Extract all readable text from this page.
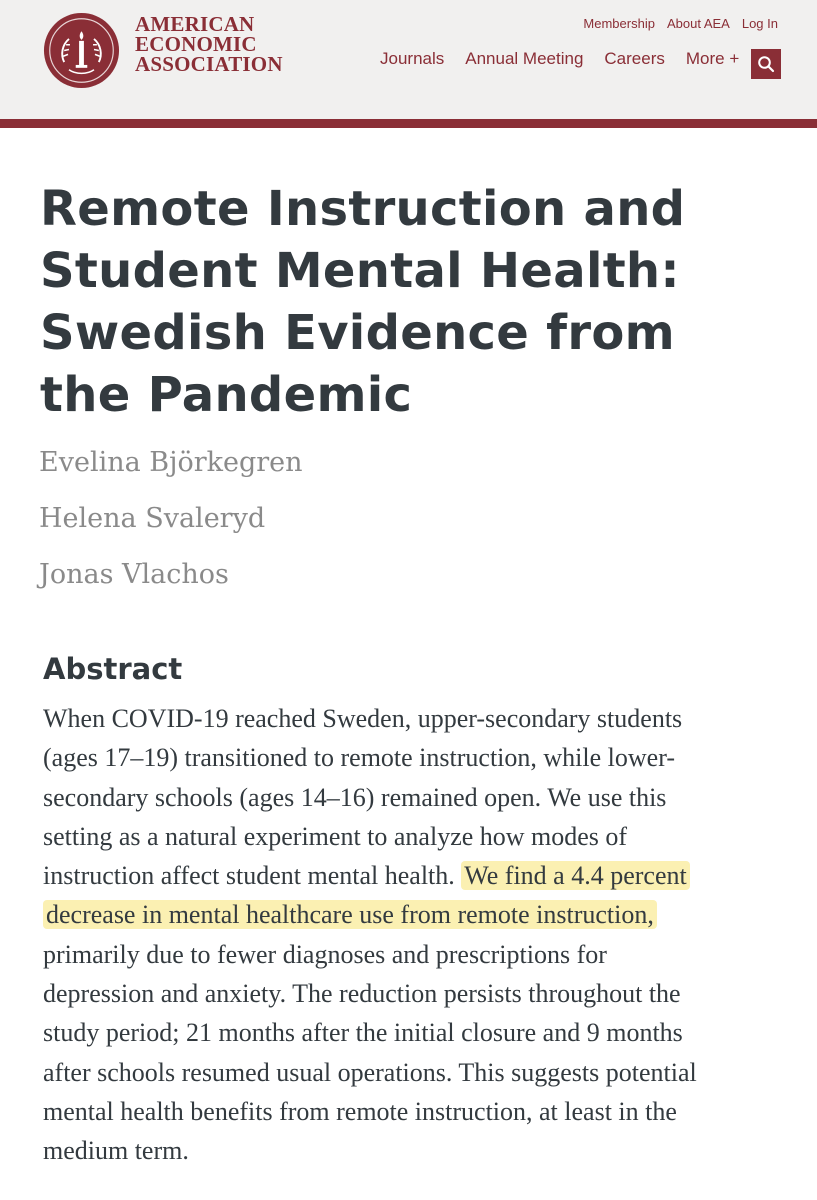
AMERICAN
ECONOMIC
ASSOCIATION
Membership About AEA Log In
Journals Annual Meeting Careers More +
Remote Instruction and Student Mental Health: Swedish Evidence from the Pandemic
Evelina Björkegren
Helena Svaleryd
Jonas Vlachos
Abstract
When COVID-19 reached Sweden, upper-secondary students
(ages 17–19) transitioned to remote instruction, while lower-
secondary schools (ages 14–16) remained open. We use this
setting as a natural experiment to analyze how modes of
instruction affect student mental health. We find a 4.4 percent
decrease in mental healthcare use from remote instruction,
primarily due to fewer diagnoses and prescriptions for
depression and anxiety. The reduction persists throughout the
study period; 21 months after the initial closure and 9 months
after schools resumed usual operations. This suggests potential
mental health benefits from remote instruction, at least in the
medium term.
